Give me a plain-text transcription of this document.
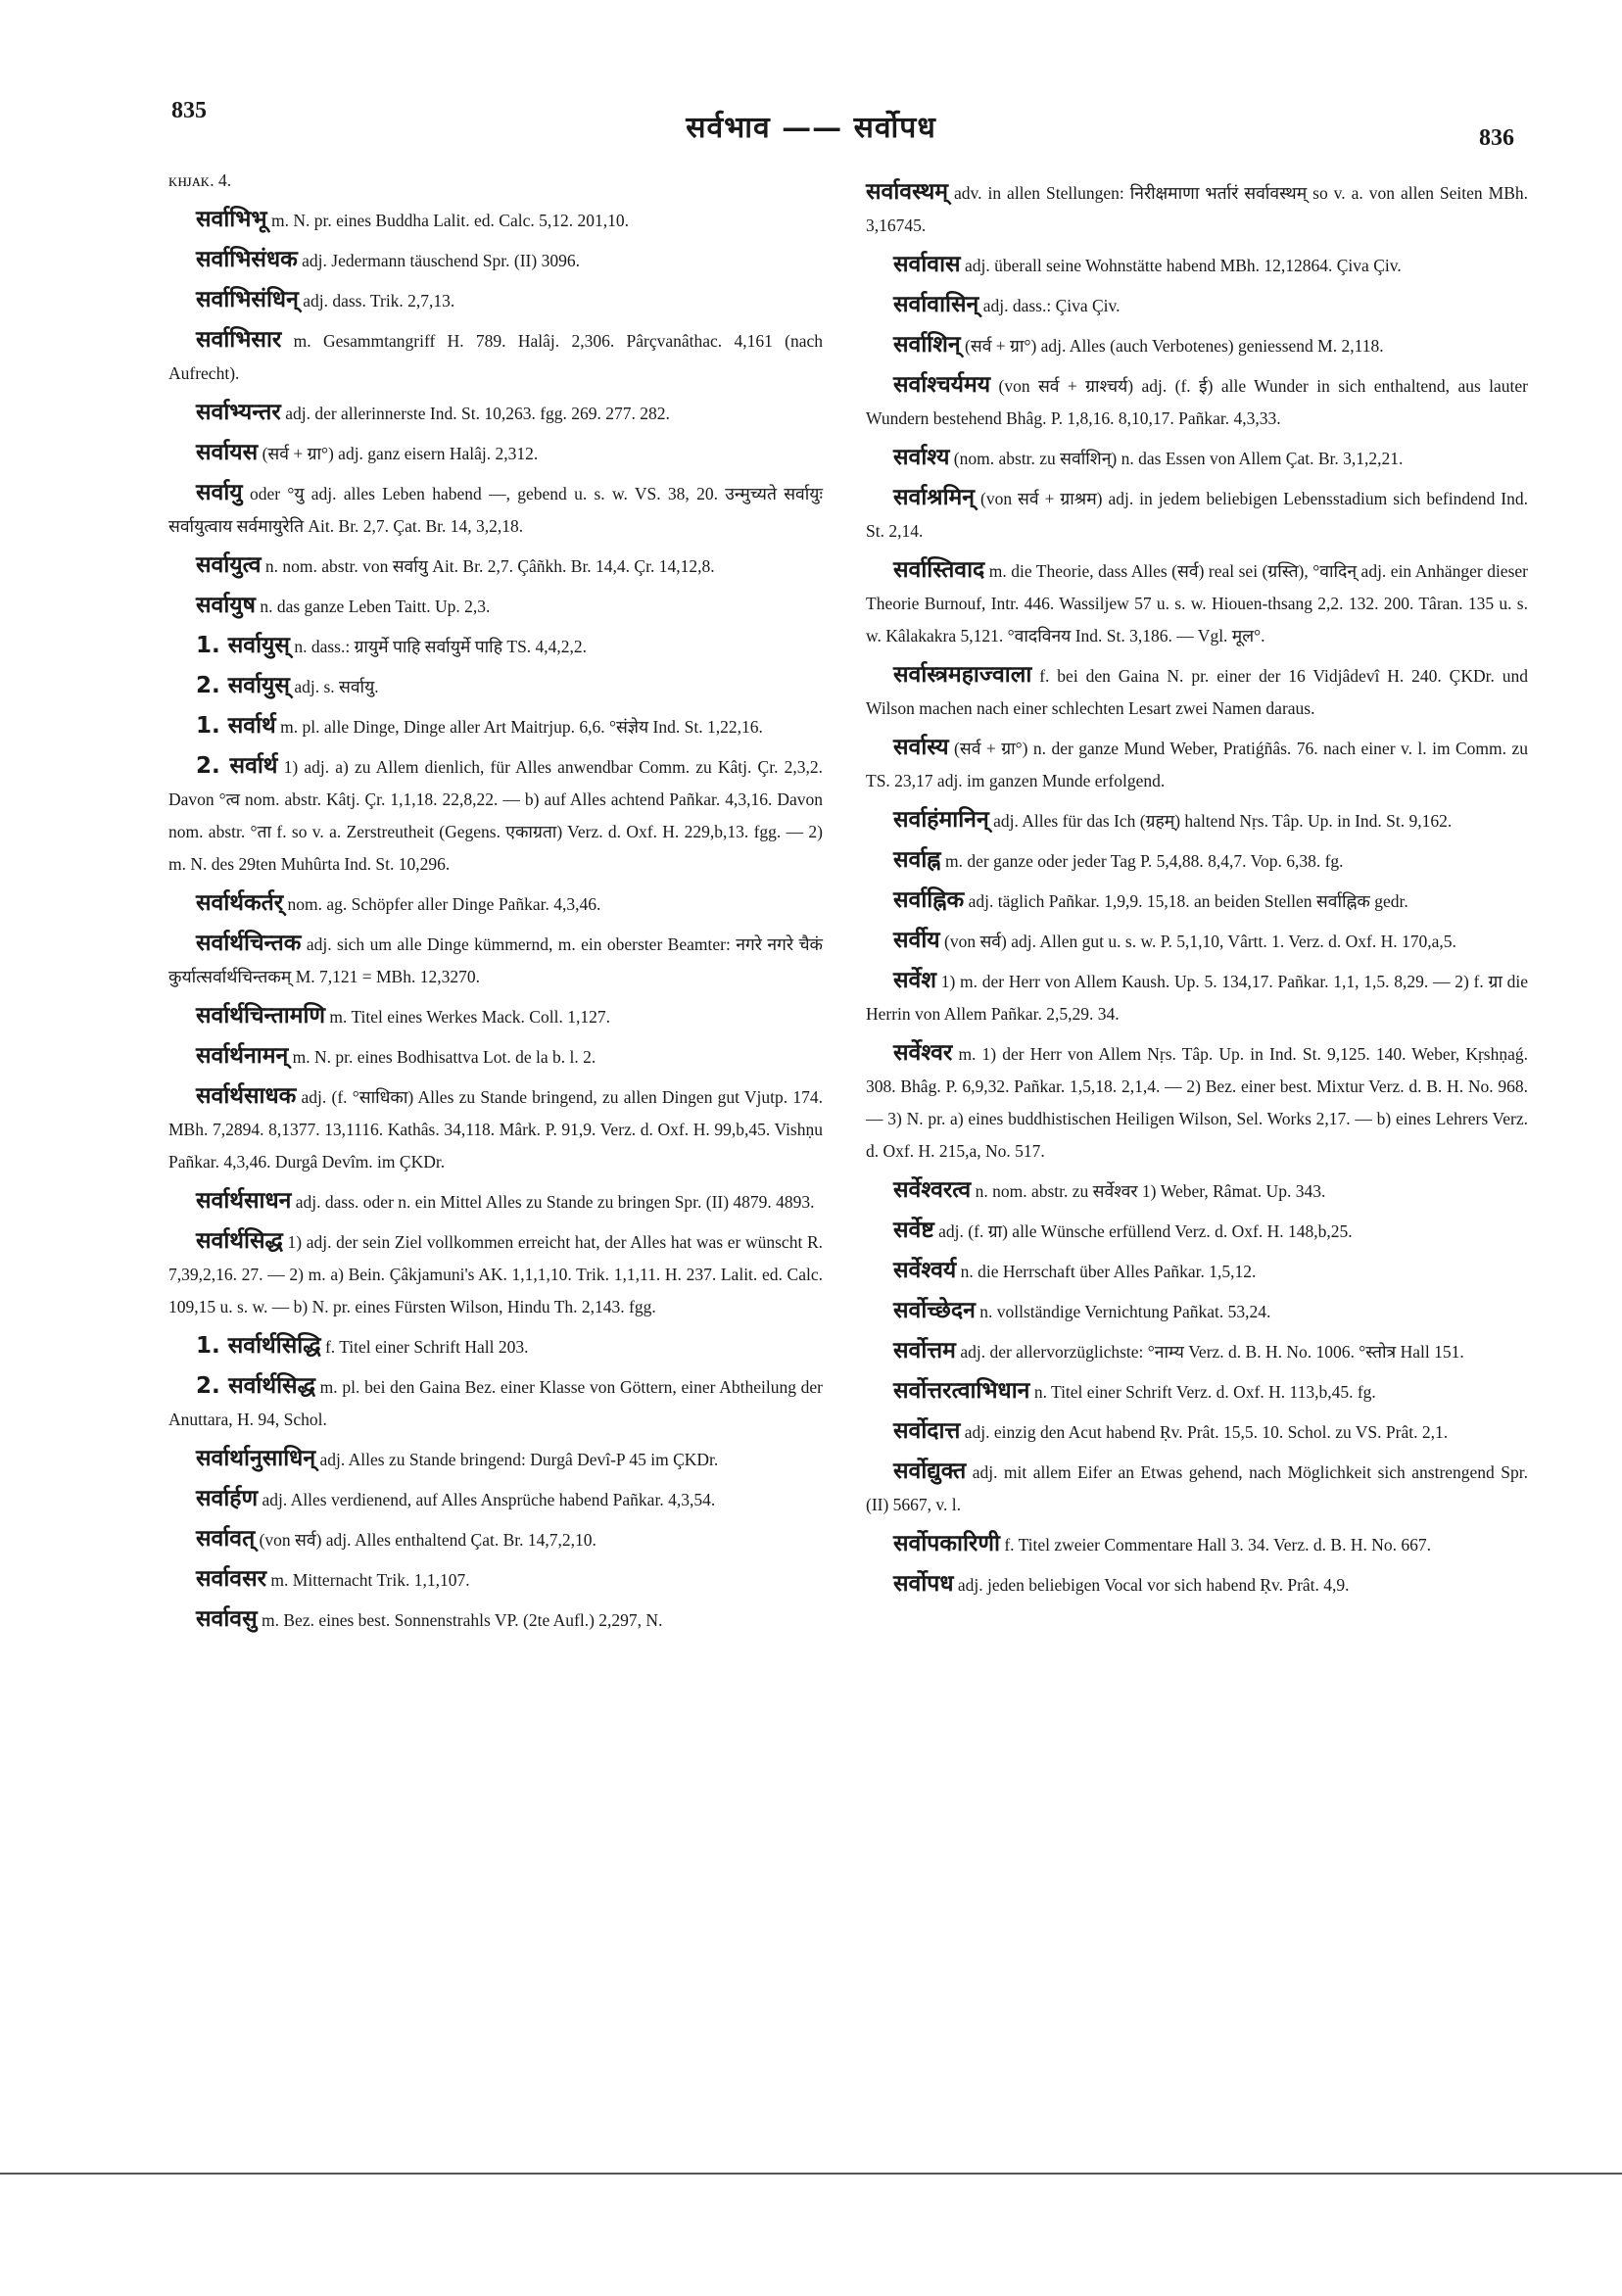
835	सर्वभाव —— सर्वोपध	836

ᴋʜᴊᴀᴋ. 4.

सर्वाभिभू m. N. pr. eines Buddha Lalit. ed. Calc. 5,12. 201,10.

सर्वाभिसंधक adj. Jedermann täuschend Spr. (II) 3096.

सर्वाभिसंधिन् adj. dass. Trik. 2,7,13.

सर्वाभिसार m. Gesammtangriff H. 789. Halâj. 2,306. Pârçvanâthac. 4,161 (nach Aufrecht).

सर्वाभ्यन्तर adj. der allerinnerste Ind. St. 10,263. fgg. 269. 277. 282.

सर्वायस (सर्व + ग्रा°) adj. ganz eisern Halâj. 2,312.

सर्वायु oder °यु adj. alles Leben habend —, gebend u. s. w. VS. 38, 20. उन्मुच्यते सर्वायुः सर्वायुत्वाय सर्वमायुरेति Ait. Br. 2,7. Çat. Br. 14, 3,2,18.

सर्वायुत्व n. nom. abstr. von सर्वायु Ait. Br. 2,7. Çâñkh. Br. 14,4. Çr. 14,12,8.

सर्वायुष n. das ganze Leben Taitt. Up. 2,3.

1. सर्वायुस् n. dass.: ग्रायुर्मे पाहि सर्वायुर्मे पाहि TS. 4,4,2,2.

2. सर्वायुस् adj. s. सर्वायु.

1. सर्वार्थ m. pl. alle Dinge, Dinge aller Art Maitrjup. 6,6. °संज्ञेय Ind. St. 1,22,16.

2. सर्वार्थ 1) adj. a) zu Allem dienlich, für Alles anwendbar Comm. zu Kâtj. Çr. 2,3,2. Davon °त्व nom. abstr. Kâtj. Çr. 1,1,18. 22,8,22. — b) auf Alles achtend Pañkar. 4,3,16. Davon nom. abstr. °ता f. so v. a. Zerstreutheit (Gegens. एकाग्रता) Verz. d. Oxf. H. 229,b,13. fgg. — 2) m. N. des 29ten Muhûrta Ind. St. 10,296.

सर्वार्थकर्तर् nom. ag. Schöpfer aller Dinge Pañkar. 4,3,46.

सर्वार्थचिन्तक adj. sich um alle Dinge kümmernd, m. ein oberster Beamter: नगरे नगरे चैकं कुर्यात्सर्वार्थचिन्तकम् M. 7,121 = MBh. 12,3270.

सर्वार्थचिन्तामणि m. Titel eines Werkes Mack. Coll. 1,127.

सर्वार्थनामन् m. N. pr. eines Bodhisattva Lot. de la b. l. 2.

सर्वार्थसाधक adj. (f. °साधिका) Alles zu Stande bringend, zu allen Dingen gut Vjutp. 174. MBh. 7,2894. 8,1377. 13,1116. Kathâs. 34,118. Mârk. P. 91,9. Verz. d. Oxf. H. 99,b,45. Vishṇu Pañkar. 4,3,46. Durgâ Devîm. im ÇKDr.

सर्वार्थसाधन adj. dass. oder n. ein Mittel Alles zu Stande zu bringen Spr. (II) 4879. 4893.

सर्वार्थसिद्ध 1) adj. der sein Ziel vollkommen erreicht hat, der Alles hat was er wünscht R. 7,39,2,16. 27. — 2) m. a) Bein. Çâkjamuni's AK. 1,1,1,10. Trik. 1,1,11. H. 237. Lalit. ed. Calc. 109,15 u. s. w. — b) N. pr. eines Fürsten Wilson, Hindu Th. 2,143. fgg.

1. सर्वार्थसिद्धि f. Titel einer Schrift Hall 203.

2. सर्वार्थसिद्ध m. pl. bei den Gaina Bez. einer Klasse von Göttern, einer Abtheilung der Anuttara, H. 94, Schol.

सर्वार्थानुसाधिन् adj. Alles zu Stande bringend: Durgâ Devî-P 45 im ÇKDr.

सर्वार्हण adj. Alles verdienend, auf Alles Ansprüche habend Pañkar. 4,3,54.

सर्वावत् (von सर्व) adj. Alles enthaltend Çat. Br. 14,7,2,10.

सर्वावसर m. Mitternacht Trik. 1,1,107.

सर्वावसु m. Bez. eines best. Sonnenstrahls VP. (2te Aufl.) 2,297, N.

सर्वावस्थम् adv. in allen Stellungen: निरीक्षमाणा भर्तारं सर्वावस्थम् so v. a. von allen Seiten MBh. 3,16745.

सर्वावास adj. überall seine Wohnstätte habend MBh. 12,12864. Çiva Çiv.

सर्वावासिन् adj. dass.: Çiva Çiv.

सर्वाशिन् (सर्व + ग्रा°) adj. Alles (auch Verbotenes) geniessend M. 2,118.

सर्वाश्चर्यमय (von सर्व + ग्राश्चर्य) adj. (f. ई) alle Wunder in sich enthaltend, aus lauter Wundern bestehend Bhâg. P. 1,8,16. 8,10,17. Pañkar. 4,3,33.

सर्वाश्य (nom. abstr. zu सर्वाशिन्) n. das Essen von Allem Çat. Br. 3,1,2,21.

सर्वाश्रमिन् (von सर्व + ग्राश्रम) adj. in jedem beliebigen Lebensstadium sich befindend Ind. St. 2,14.

सर्वास्तिवाद m. die Theorie, dass Alles (सर्व) real sei (ग्रस्ति), °वादिन् adj. ein Anhänger dieser Theorie Burnouf, Intr. 446. Wassiljew 57 u. s. w. Hiouen-thsang 2,2. 132. 200. Târan. 135 u. s. w. Kâlakakra 5,121. °वादविनय Ind. St. 3,186. — Vgl. मूल°.

सर्वास्त्रमहाज्वाला f. bei den Gaina N. pr. einer der 16 Vidjâdevî H. 240. ÇKDr. und Wilson machen nach einer schlechten Lesart zwei Namen daraus.

सर्वास्य (सर्व + ग्रा°) n. der ganze Mund Weber, Pratiǵñâs. 76. nach einer v. l. im Comm. zu TS. 23,17 adj. im ganzen Munde erfolgend.

सर्वाहंमानिन् adj. Alles für das Ich (ग्रहम्) haltend Nṛs. Tâp. Up. in Ind. St. 9,162.

सर्वाह्न m. der ganze oder jeder Tag P. 5,4,88. 8,4,7. Vop. 6,38. fg.

सर्वाह्निक adj. täglich Pañkar. 1,9,9. 15,18. an beiden Stellen सर्वाह्निक gedr.

सर्वीय (von सर्व) adj. Allen gut u. s. w. P. 5,1,10, Vârtt. 1. Verz. d. Oxf. H. 170,a,5.

सर्वेश 1) m. der Herr von Allem Kaush. Up. 5. 134,17. Pañkar. 1,1, 1,5. 8,29. — 2) f. ग्रा die Herrin von Allem Pañkar. 2,5,29. 34.

सर्वेश्वर m. 1) der Herr von Allem Nṛs. Tâp. Up. in Ind. St. 9,125. 140. Weber, Kṛshṇaǵ. 308. Bhâg. P. 6,9,32. Pañkar. 1,5,18. 2,1,4. — 2) Bez. einer best. Mixtur Verz. d. B. H. No. 968. — 3) N. pr. a) eines buddhistischen Heiligen Wilson, Sel. Works 2,17. — b) eines Lehrers Verz. d. Oxf. H. 215,a, No. 517.

सर्वेश्वरत्व n. nom. abstr. zu सर्वेश्वर 1) Weber, Râmat. Up. 343.

सर्वेष्ट adj. (f. ग्रा) alle Wünsche erfüllend Verz. d. Oxf. H. 148,b,25.

सर्वेश्वर्य n. die Herrschaft über Alles Pañkar. 1,5,12.

सर्वोच्छेदन n. vollständige Vernichtung Pañkat. 53,24.

सर्वोत्तम adj. der allervorzüglichste: °नाम्य Verz. d. B. H. No. 1006. °स्तोत्र Hall 151.

सर्वोत्तरत्वाभिधान n. Titel einer Schrift Verz. d. Oxf. H. 113,b,45. fg.

सर्वोदात्त adj. einzig den Acut habend Ṛv. Prât. 15,5. 10. Schol. zu VS. Prât. 2,1.

सर्वोद्युक्त adj. mit allem Eifer an Etwas gehend, nach Möglichkeit sich anstrengend Spr. (II) 5667, v. l.

सर्वोपकारिणी f. Titel zweier Commentare Hall 3. 34. Verz. d. B. H. No. 667.

सर्वोपध adj. jeden beliebigen Vocal vor sich habend Ṛv. Prât. 4,9.
